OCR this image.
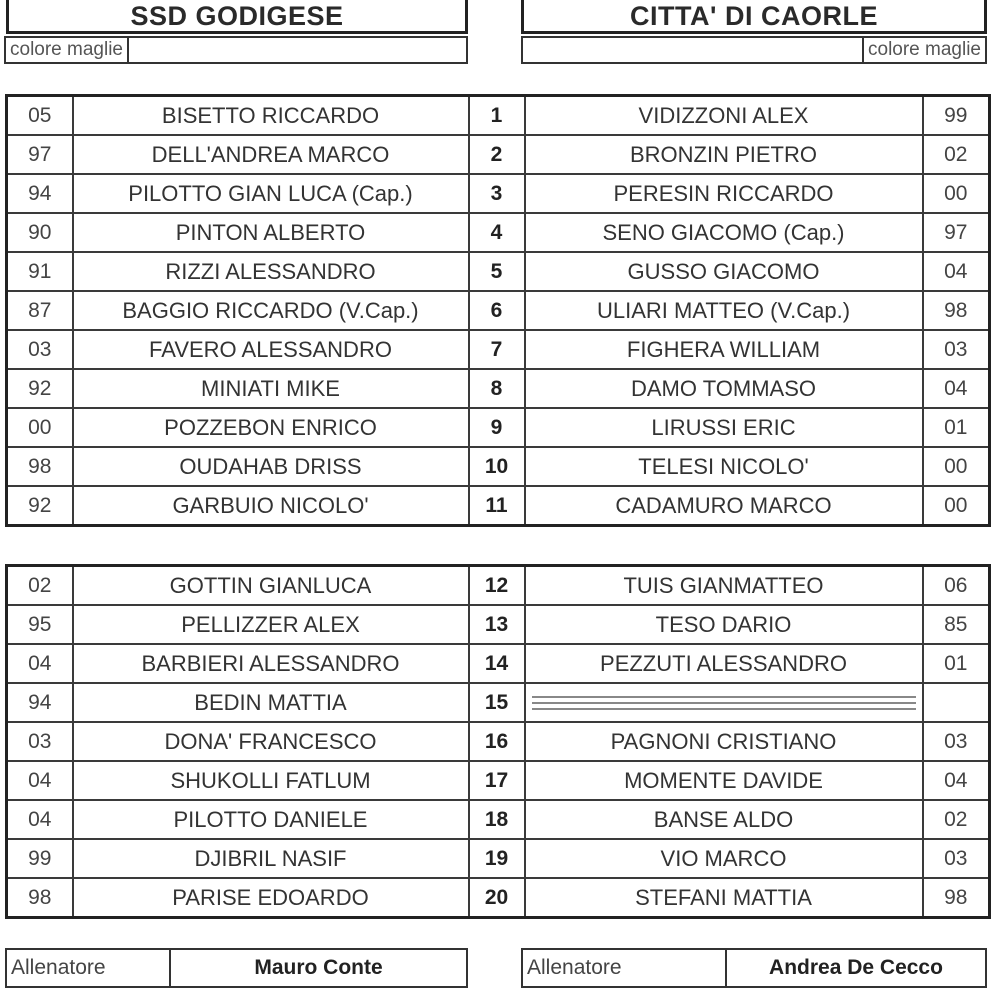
SSD GODIGESE
colore maglie
CITTA' DI CAORLE
colore maglie
05	BISETTO RICCARDO	1	VIDIZZONI ALEX	99
97	DELL'ANDREA MARCO	2	BRONZIN PIETRO	02
94	PILOTTO GIAN LUCA (Cap.)	3	PERESIN RICCARDO	00
90	PINTON ALBERTO	4	SENO GIACOMO (Cap.)	97
91	RIZZI ALESSANDRO	5	GUSSO GIACOMO	04
87	BAGGIO RICCARDO (V.Cap.)	6	ULIARI MATTEO (V.Cap.)	98
03	FAVERO ALESSANDRO	7	FIGHERA WILLIAM	03
92	MINIATI MIKE	8	DAMO TOMMASO	04
00	POZZEBON ENRICO	9	LIRUSSI ERIC	01
98	OUDAHAB DRISS	10	TELESI NICOLO'	00
92	GARBUIO NICOLO'	11	CADAMURO MARCO	00
02	GOTTIN GIANLUCA	12	TUIS GIANMATTEO	06
95	PELLIZZER ALEX	13	TESO DARIO	85
04	BARBIERI ALESSANDRO	14	PEZZUTI ALESSANDRO	01
94	BEDIN MATTIA	15	

03	DONA' FRANCESCO	16	PAGNONI CRISTIANO	03
04	SHUKOLLI FATLUM	17	MOMENTE DAVIDE	04
04	PILOTTO DANIELE	18	BANSE ALDO	02
99	DJIBRIL NASIF	19	VIO MARCO	03
98	PARISE EDOARDO	20	STEFANI MATTIA	98
Allenatore	Mauro Conte	Allenatore	Andrea De Cecco
